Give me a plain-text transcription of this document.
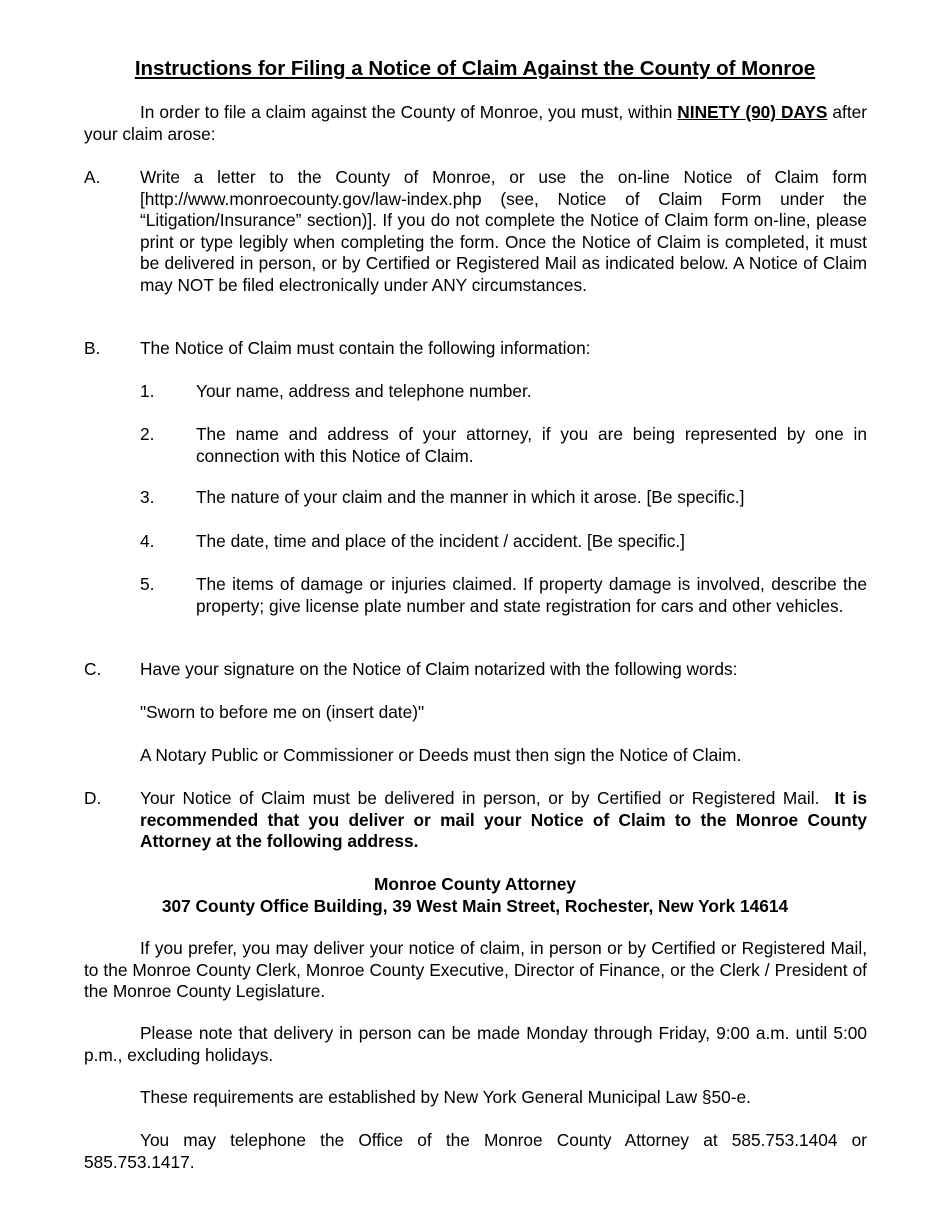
Instructions for Filing a Notice of Claim Against the County of Monroe
In order to file a claim against the County of Monroe, you must, within NINETY (90) DAYS after your claim arose:
A. Write a letter to the County of Monroe, or use the on-line Notice of Claim form [http://www.monroecounty.gov/law-index.php (see, Notice of Claim Form under the “Litigation/Insurance” section)]. If you do not complete the Notice of Claim form on-line, please print or type legibly when completing the form. Once the Notice of Claim is completed, it must be delivered in person, or by Certified or Registered Mail as indicated below. A Notice of Claim may NOT be filed electronically under ANY circumstances.
B. The Notice of Claim must contain the following information:
1. Your name, address and telephone number.
2. The name and address of your attorney, if you are being represented by one in connection with this Notice of Claim.
3. The nature of your claim and the manner in which it arose. [Be specific.]
4. The date, time and place of the incident / accident. [Be specific.]
5. The items of damage or injuries claimed. If property damage is involved, describe the property; give license plate number and state registration for cars and other vehicles.
C. Have your signature on the Notice of Claim notarized with the following words:
"Sworn to before me on (insert date)"
A Notary Public or Commissioner or Deeds must then sign the Notice of Claim.
D. Your Notice of Claim must be delivered in person, or by Certified or Registered Mail. It is recommended that you deliver or mail your Notice of Claim to the Monroe County Attorney at the following address.
Monroe County Attorney
307 County Office Building, 39 West Main Street, Rochester, New York 14614
If you prefer, you may deliver your notice of claim, in person or by Certified or Registered Mail, to the Monroe County Clerk, Monroe County Executive, Director of Finance, or the Clerk / President of the Monroe County Legislature.
Please note that delivery in person can be made Monday through Friday, 9:00 a.m. until 5:00 p.m., excluding holidays.
These requirements are established by New York General Municipal Law §50-e.
You may telephone the Office of the Monroe County Attorney at 585.753.1404 or 585.753.1417.
